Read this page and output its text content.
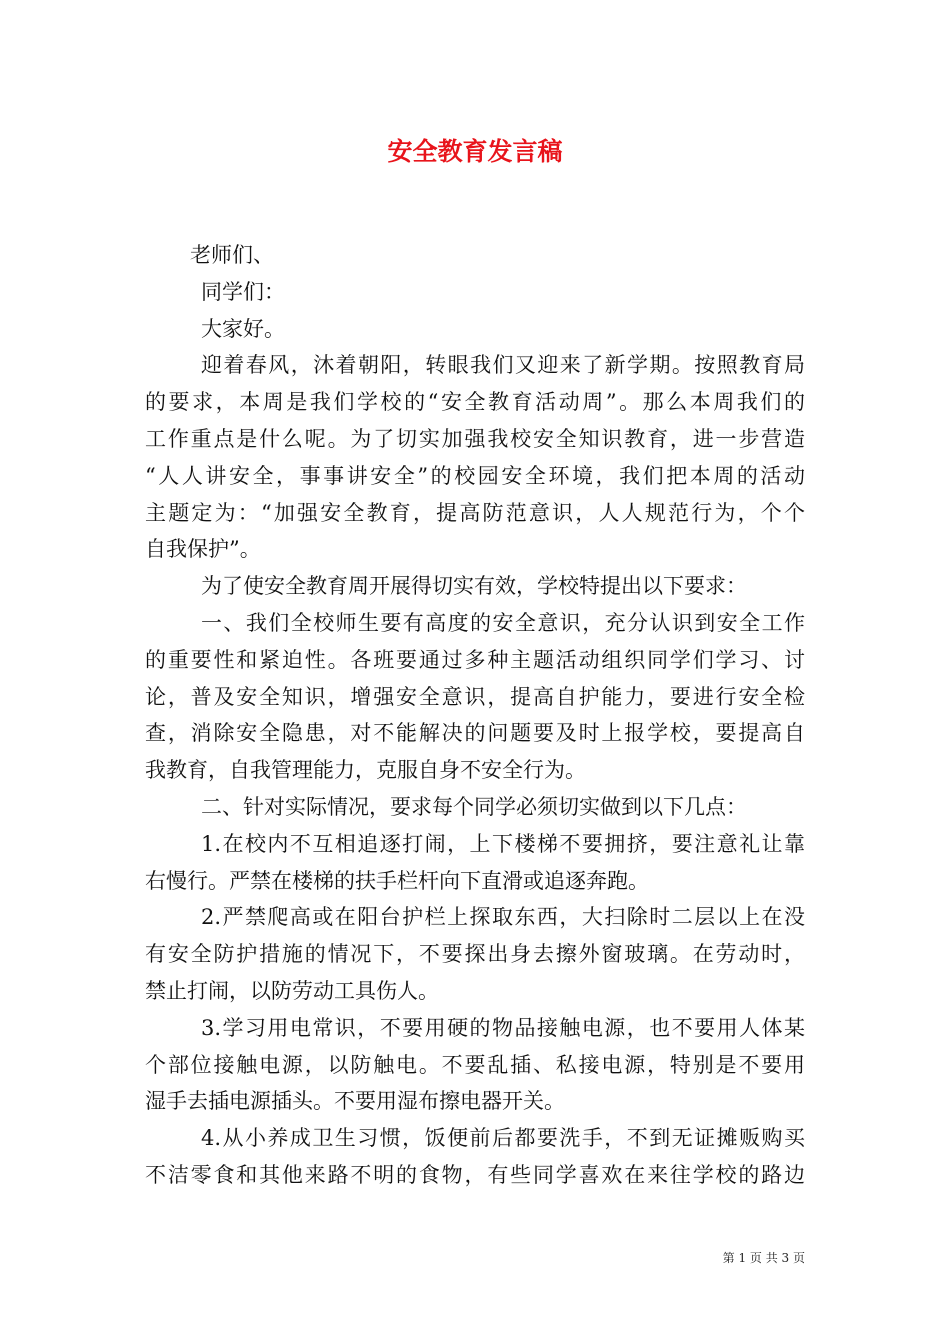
安全教育发言稿
老师们、
同学们：
大家好。
迎着春风，沐着朝阳，转眼我们又迎来了新学期。按照教育局
的要求，本周是我们学校的“安全教育活动周”。那么本周我们的
工作重点是什么呢。为了切实加强我校安全知识教育，进一步营造
“人人讲安全，事事讲安全”的校园安全环境，我们把本周的活动
主题定为：“加强安全教育，提高防范意识，人人规范行为，个个
自我保护”。
为了使安全教育周开展得切实有效，学校特提出以下要求：
一、我们全校师生要有高度的安全意识，充分认识到安全工作
的重要性和紧迫性。各班要通过多种主题活动组织同学们学习、讨
论，普及安全知识，增强安全意识，提高自护能力，要进行安全检
查，消除安全隐患，对不能解决的问题要及时上报学校，要提高自
我教育，自我管理能力，克服自身不安全行为。
二、针对实际情况，要求每个同学必须切实做到以下几点：
1.在校内不互相追逐打闹，上下楼梯不要拥挤，要注意礼让靠
右慢行。严禁在楼梯的扶手栏杆向下直滑或追逐奔跑。
2.严禁爬高或在阳台护栏上探取东西，大扫除时二层以上在没
有安全防护措施的情况下，不要探出身去擦外窗玻璃。在劳动时，
禁止打闹，以防劳动工具伤人。
3.学习用电常识，不要用硬的物品接触电源，也不要用人体某
个部位接触电源，以防触电。不要乱插、私接电源，特别是不要用
湿手去插电源插头。不要用湿布擦电器开关。
4.从小养成卫生习惯，饭便前后都要洗手，不到无证摊贩购买
不洁零食和其他来路不明的食物，有些同学喜欢在来往学校的路边
第 1 页 共 3 页
